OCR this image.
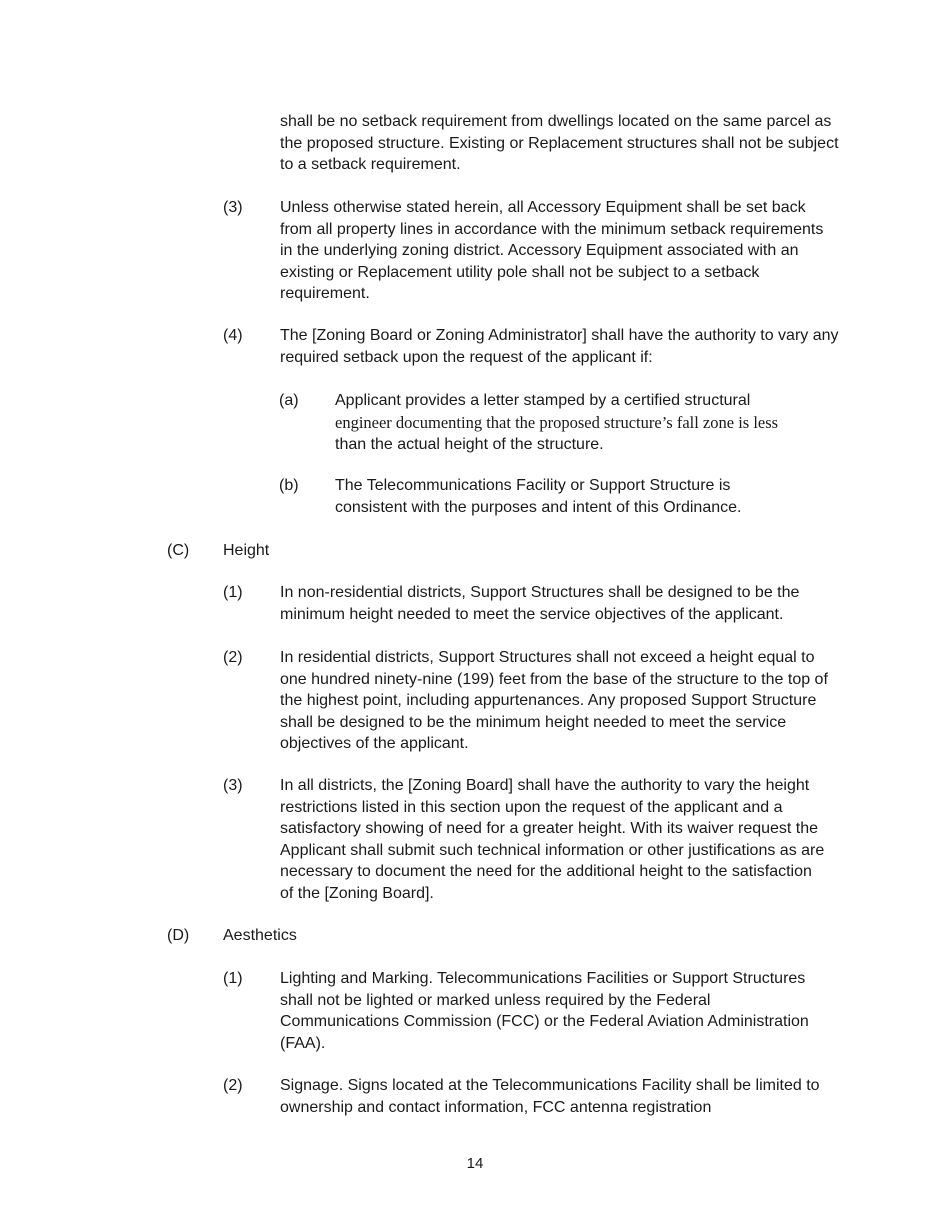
shall be no setback requirement from dwellings located on the same parcel as the proposed structure. Existing or Replacement structures shall not be subject to a setback requirement.

(3) Unless otherwise stated herein, all Accessory Equipment shall be set back from all property lines in accordance with the minimum setback requirements in the underlying zoning district. Accessory Equipment associated with an existing or Replacement utility pole shall not be subject to a setback requirement.

(4) The [Zoning Board or Zoning Administrator] shall have the authority to vary any required setback upon the request of the applicant if:

(a) Applicant provides a letter stamped by a certified structural
engineer documenting that the proposed structure’s fall zone is less
than the actual height of the structure.

(b) The Telecommunications Facility or Support Structure is consistent with the purposes and intent of this Ordinance.

(C) Height
(1) In non-residential districts, Support Structures shall be designed to be the minimum height needed to meet the service objectives of the applicant.

(2) In residential districts, Support Structures shall not exceed a height equal to one hundred ninety-nine (199) feet from the base of the structure to the top of the highest point, including appurtenances. Any proposed Support Structure shall be designed to be the minimum height needed to meet the service objectives of the applicant.

(3) In all districts, the [Zoning Board] shall have the authority to vary the height restrictions listed in this section upon the request of the applicant and a satisfactory showing of need for a greater height. With its waiver request the Applicant shall submit such technical information or other justifications as are necessary to document the need for the additional height to the satisfaction of the [Zoning Board].

(D) Aesthetics
(1) Lighting and Marking. Telecommunications Facilities or Support Structures shall not be lighted or marked unless required by the Federal Communications Commission (FCC) or the Federal Aviation Administration (FAA).

(2) Signage. Signs located at the Telecommunications Facility shall be limited to ownership and contact information, FCC antenna registration

14
